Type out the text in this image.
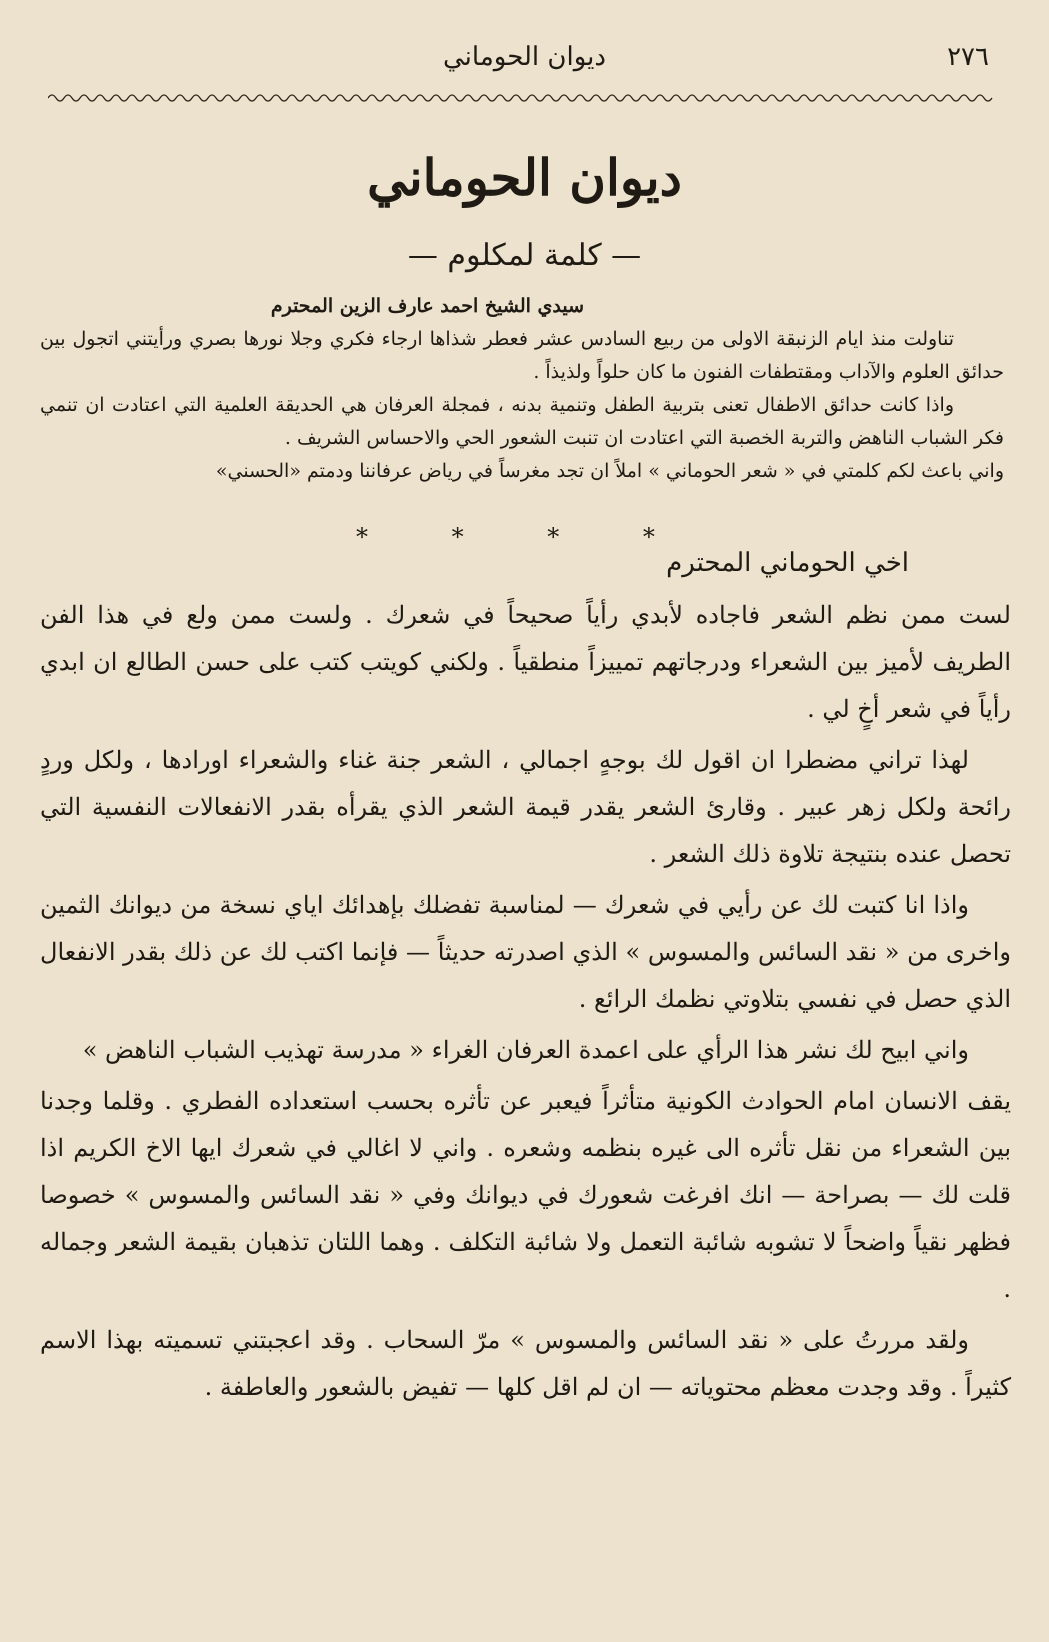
٢٧٦
ديوان الحوماني
ديوان الحوماني
— كلمة لمكلوم —

سيدي الشيخ احمد عارف الزين المحترم

تناولت منذ ايام الزنبقة الاولى من ربيع السادس عشر فعطر شذاها ارجاء فكري وجلا نورها بصري ورأيتني اتجول بين حدائق العلوم والآداب ومقتطفات الفنون ما كان حلواً ولذيذاً .

واذا كانت حدائق الاطفال تعنى بتربية الطفل وتنمية بدنه ، فمجلة العرفان هي الحديقة العلمية التي اعتادت ان تنمي فكر الشباب الناهض والتربة الخصبة التي اعتادت ان تنبت الشعور الحي والاحساس الشريف .

واني باعث لكم كلمتي في « شعر الحوماني » املاً ان تجد مغرساً في رياض عرفاننا ودمتم «الحسني»

* * * *
اخي الحوماني المحترم

لست ممن نظم الشعر فاجاده لأبدي رأياً صحيحاً في شعرك . ولست ممن ولع في هذا الفن الطريف لأميز بين الشعراء ودرجاتهم تمييزاً منطقياً . ولكني كويتب كتب على حسن الطالع ان ابدي رأياً في شعر أخٍ لي .

لهذا تراني مضطرا ان اقول لك بوجهٍ اجمالي ، الشعر جنة غناء والشعراء اورادها ، ولكل وردٍ رائحة ولكل زهر عبير . وقارئ الشعر يقدر قيمة الشعر الذي يقرأه بقدر الانفعالات النفسية التي تحصل عنده بنتيجة تلاوة ذلك الشعر .

واذا انا كتبت لك عن رأيي في شعرك — لمناسبة تفضلك بإهدائك اياي نسخة من ديوانك الثمين واخرى من « نقد السائس والمسوس » الذي اصدرته حديثاً — فإنما اكتب لك عن ذلك بقدر الانفعال الذي حصل في نفسي بتلاوتي نظمك الرائع .

واني ابيح لك نشر هذا الرأي على اعمدة العرفان الغراء « مدرسة تهذيب الشباب الناهض »

يقف الانسان امام الحوادث الكونية متأثراً فيعبر عن تأثره بحسب استعداده الفطري . وقلما وجدنا بين الشعراء من نقل تأثره الى غيره بنظمه وشعره . واني لا اغالي في شعرك ايها الاخ الكريم اذا قلت لك — بصراحة — انك افرغت شعورك في ديوانك وفي « نقد السائس والمسوس » خصوصا فظهر نقياً واضحاً لا تشوبه شائبة التعمل ولا شائبة التكلف . وهما اللتان تذهبان بقيمة الشعر وجماله .

ولقد مررتُ على « نقد السائس والمسوس » مرّ السحاب . وقد اعجبتني تسميته بهذا الاسم كثيراً . وقد وجدت معظم محتوياته — ان لم اقل كلها — تفيض بالشعور والعاطفة .
